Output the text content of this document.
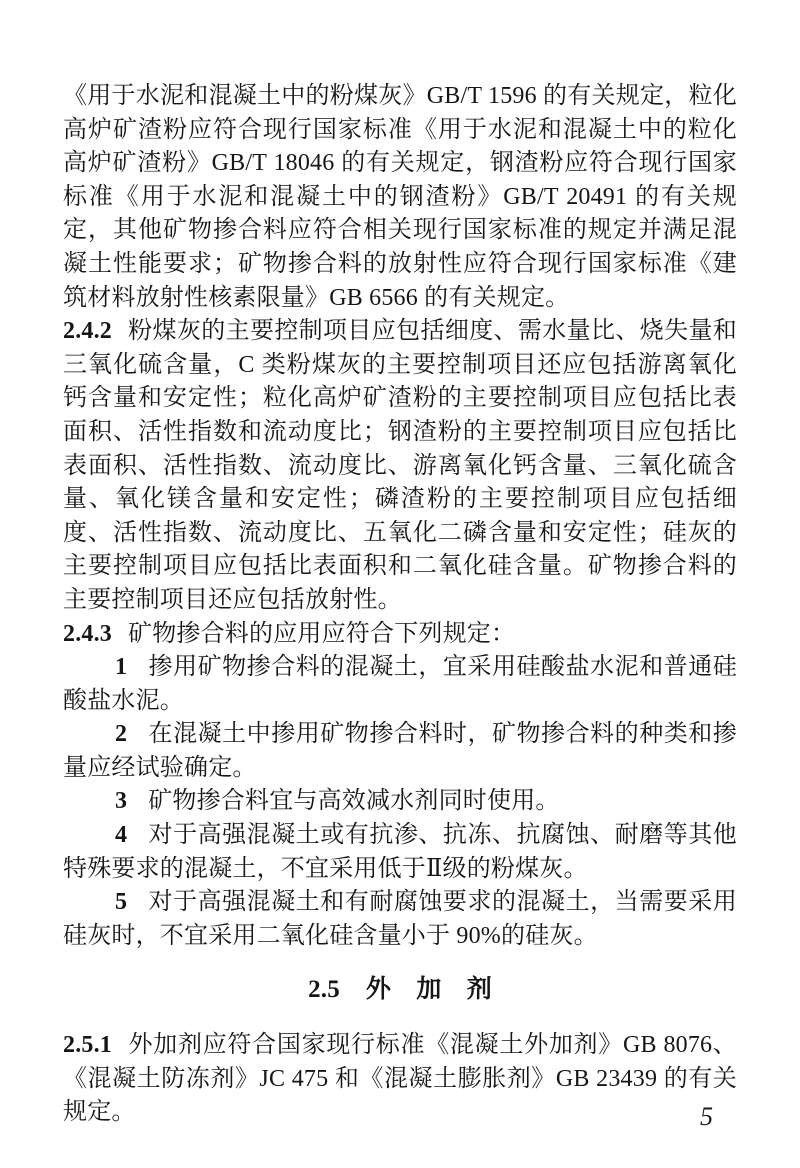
《用于水泥和混凝土中的粉煤灰》GB/T 1596 的有关规定，粒化高炉矿渣粉应符合现行国家标准《用于水泥和混凝土中的粒化高炉矿渣粉》GB/T 18046 的有关规定，钢渣粉应符合现行国家标准《用于水泥和混凝土中的钢渣粉》GB/T 20491 的有关规定，其他矿物掺合料应符合相关现行国家标准的规定并满足混凝土性能要求；矿物掺合料的放射性应符合现行国家标准《建筑材料放射性核素限量》GB 6566 的有关规定。

2.4.2 粉煤灰的主要控制项目应包括细度、需水量比、烧失量和三氧化硫含量，C 类粉煤灰的主要控制项目还应包括游离氧化钙含量和安定性；粒化高炉矿渣粉的主要控制项目应包括比表面积、活性指数和流动度比；钢渣粉的主要控制项目应包括比表面积、活性指数、流动度比、游离氧化钙含量、三氧化硫含量、氧化镁含量和安定性；磷渣粉的主要控制项目应包括细度、活性指数、流动度比、五氧化二磷含量和安定性；硅灰的主要控制项目应包括比表面积和二氧化硅含量。矿物掺合料的主要控制项目还应包括放射性。

2.4.3 矿物掺合料的应用应符合下列规定：

1 掺用矿物掺合料的混凝土，宜采用硅酸盐水泥和普通硅酸盐水泥。

2 在混凝土中掺用矿物掺合料时，矿物掺合料的种类和掺量应经试验确定。

3 矿物掺合料宜与高效减水剂同时使用。

4 对于高强混凝土或有抗渗、抗冻、抗腐蚀、耐磨等其他特殊要求的混凝土，不宜采用低于Ⅱ级的粉煤灰。

5 对于高强混凝土和有耐腐蚀要求的混凝土，当需要采用硅灰时，不宜采用二氧化硅含量小于 90%的硅灰。

2.5 外　加　剂

2.5.1 外加剂应符合国家现行标准《混凝土外加剂》GB 8076、《混凝土防冻剂》JC 475 和《混凝土膨胀剂》GB 23439 的有关规定。	5
